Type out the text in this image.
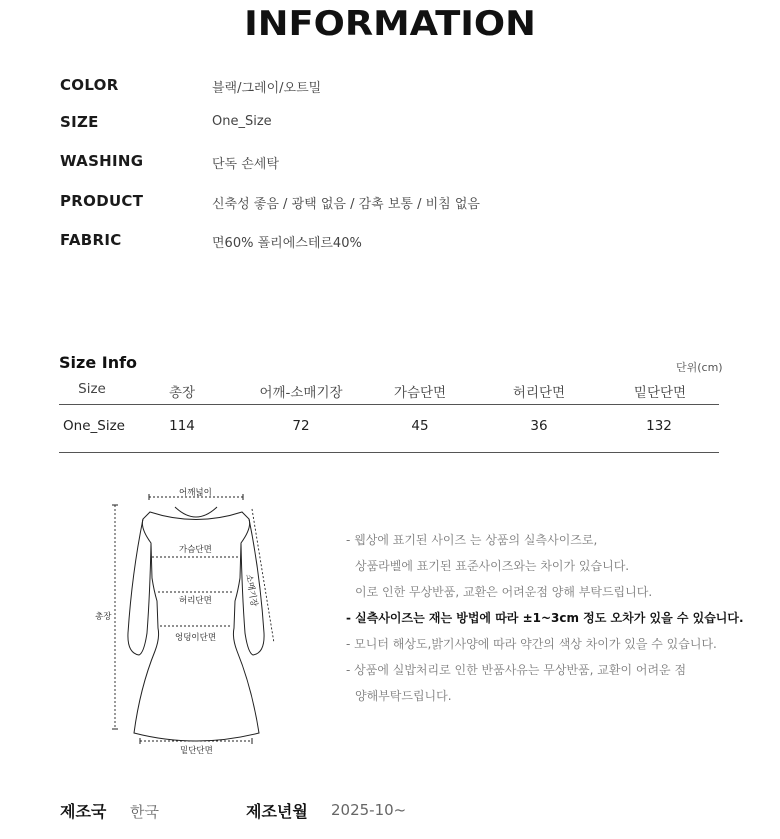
INFORMATION
COLOR	블랙/그레이/오트밀
SIZE	One_Size
WASHING	단독 손세탁
PRODUCT	신축성 좋음 / 광택 없음 / 감촉 보통 / 비침 없음
FABRIC	면60% 폴리에스테르40%
Size Info	단위(cm)
Size	총장	어깨-소매기장	가슴단면	허리단면	밑단단면
One_Size	114	72	45	36	132
어깨넓이
가슴단면
허리단면
엉덩이단면
밑단단면
총장
소매기장
- 웹상에 표기된 사이즈 는 상품의 실측사이즈로,
상품라벨에 표기된 표준사이즈와는 차이가 있습니다.
이로 인한 무상반품, 교환은 어려운점 양해 부탁드립니다.
- 실측사이즈는 재는 방법에 따라 ±1~3cm 정도 오차가 있을 수 있습니다.
- 모니터 해상도,밝기사양에 따라 약간의 색상 차이가 있을 수 있습니다.
- 상품에 실밥처리로 인한 반품사유는 무상반품, 교환이 어려운 점
양해부탁드립니다.
제조국 한국	제조년월 2025-10~
